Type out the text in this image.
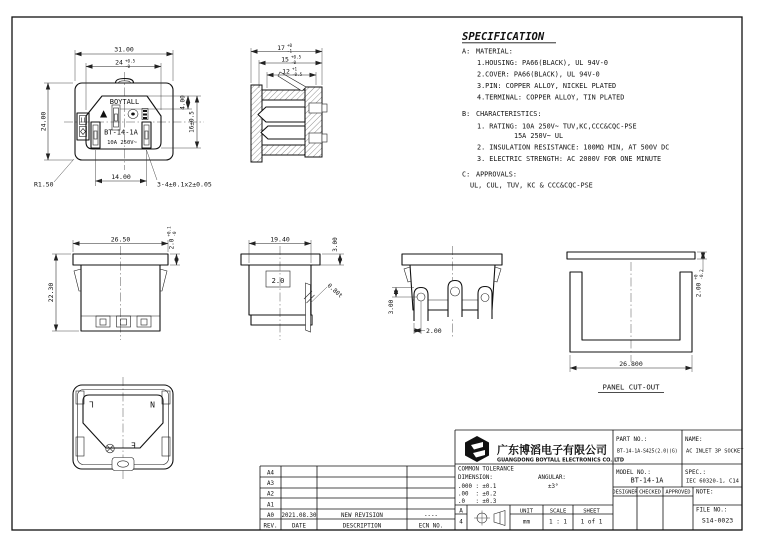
BOYTALL
BT-14-1A
10A 250V~
31.00
24 +0.5
-0
24.00
4.00
16±0.5
14.00
R1.50	3-4±0.1x2±0.05
17 +0
-1
15 +0.5
-0
12 +1
-0.5
SPECIFICATION
A: MATERIAL:
1.HOUSING: PA66(BLACK), UL 94V-0
2.COVER: PA66(BLACK), UL 94V-0
3.PIN: COPPER ALLOY, NICKEL PLATED
4.TERMINAL: COPPER ALLOY, TIN PLATED
B: CHARACTERISTICS:
1. RATING: 10A 250V~ TUV,KC,CCC&CQC-PSE
15A 250V~ UL
2. INSULATION RESISTANCE: 100MΩ MIN, AT 500V DC
3. ELECTRIC STRENGTH: AC 2000V FOR ONE MINUTE
C: APPROVALS:
UL, CUL, TUV, KC & CCC&CQC-PSE
26.50
22.30
2.0
+0.1 -0
2.0
19.40	3.00
0.80t
3.00
2.00
2.00
+0 -0.2
26.800
PANEL CUT-OUT
L	N
E
A4
A3
A2
A1
A0 2021.08.30	NEW REVISION	----
REV.	DATE	DESCRIPTION	ECN NO.
广东博滔电子有限公司
GUANGDONG BOYTALL ELECTRONICS CO.,LTD
PART NO.:
BT-14-1A-S425(2.0)(G)
NAME:
AC INLET 3P SOCKET
MODEL NO.:
BT-14-1A
SPEC.:
IEC 60320-1, C14
DESIGNER CHECKED APPROVED NOTE:
FILE NO.:
S14-0023
COMMON TOLERANCE
DIMENSION:	ANGULAR:
.000 : ±0.1	±3°
.00  : ±0.2
.0   : ±0.3
A
4
UNIT
mm
SCALE
1 : 1
SHEET
1 of 1
